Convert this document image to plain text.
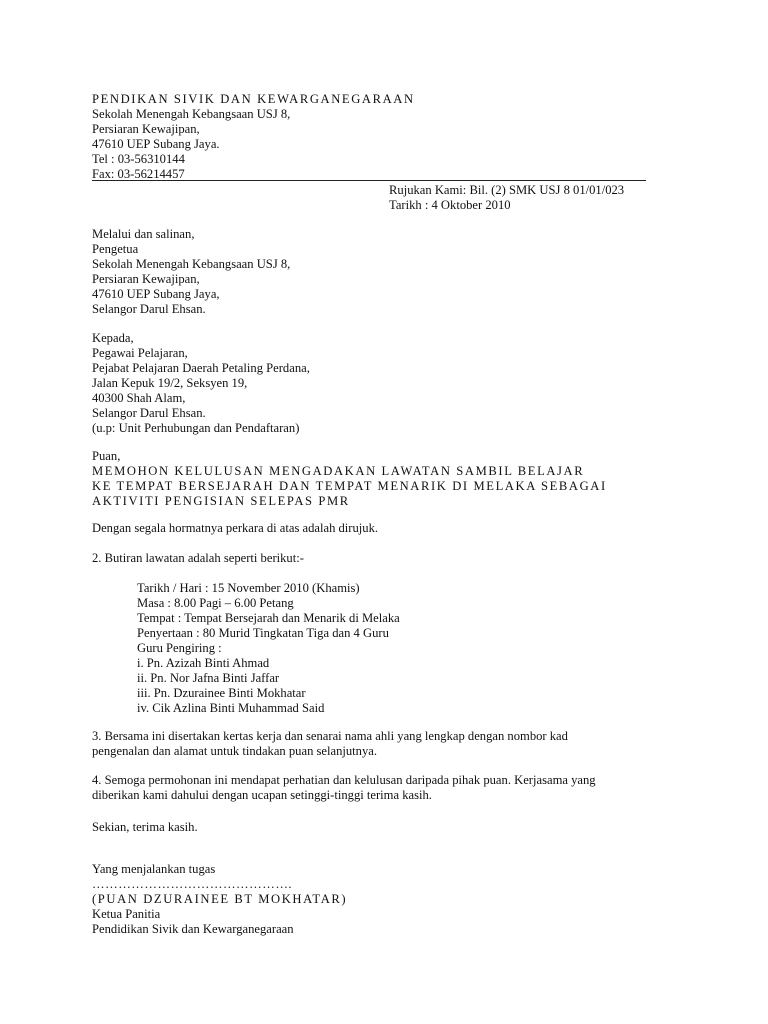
PENDIKAN SIVIK DAN KEWARGANEGARAAN
Sekolah Menengah Kebangsaan USJ 8,
Persiaran Kewajipan,
47610 UEP Subang Jaya.
Tel : 03-56310144
Fax: 03-56214457
Rujukan Kami: Bil. (2) SMK USJ 8 01/01/023
Tarikh : 4 Oktober 2010
Melalui dan salinan,
Pengetua
Sekolah Menengah Kebangsaan USJ 8,
Persiaran Kewajipan,
47610 UEP Subang Jaya,
Selangor Darul Ehsan.
Kepada,
Pegawai Pelajaran,
Pejabat Pelajaran Daerah Petaling Perdana,
Jalan Kepuk 19/2, Seksyen 19,
40300 Shah Alam,
Selangor Darul Ehsan.
(u.p: Unit Perhubungan dan Pendaftaran)
Puan,
MEMOHON KELULUSAN MENGADAKAN LAWATAN SAMBIL BELAJAR
KE TEMPAT BERSEJARAH DAN TEMPAT MENARIK DI MELAKA SEBAGAI
AKTIVITI PENGISIAN SELEPAS PMR
Dengan segala hormatnya perkara di atas adalah dirujuk.
2. Butiran lawatan adalah seperti berikut:-
Tarikh / Hari : 15 November 2010 (Khamis)
Masa : 8.00 Pagi – 6.00 Petang
Tempat : Tempat Bersejarah dan Menarik di Melaka
Penyertaan : 80 Murid Tingkatan Tiga dan 4 Guru
Guru Pengiring :
i. Pn. Azizah Binti Ahmad
ii. Pn. Nor Jafna Binti Jaffar
iii. Pn. Dzurainee Binti Mokhatar
iv. Cik Azlina Binti Muhammad Said
3. Bersama ini disertakan kertas kerja dan senarai nama ahli yang lengkap dengan nombor kad
pengenalan dan alamat untuk tindakan puan selanjutnya.
4. Semoga permohonan ini mendapat perhatian dan kelulusan daripada pihak puan. Kerjasama yang
diberikan kami dahului dengan ucapan setinggi-tinggi terima kasih.
Sekian, terima kasih.
Yang menjalankan tugas
……………………………………….
(PUAN DZURAINEE BT MOKHATAR)
Ketua Panitia
Pendidikan Sivik dan Kewarganegaraan
